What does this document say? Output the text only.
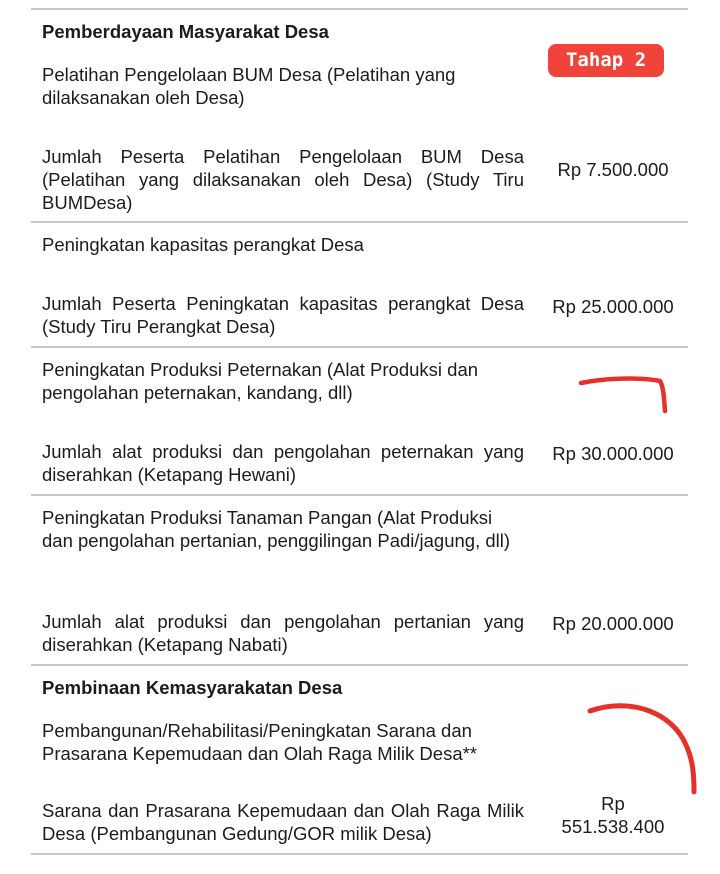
Pemberdayaan Masyarakat Desa

Pelatihan Pengelolaan BUM Desa (Pelatihan yang dilaksanakan oleh Desa)

Tahap 2

Jumlah Peserta Pelatihan Pengelolaan BUM Desa (Pelatihan yang dilaksanakan oleh Desa) (Study Tiru BUMDesa)

Rp 7.500.000

Peningkatan kapasitas perangkat Desa

Jumlah Peserta Peningkatan kapasitas perangkat Desa (Study Tiru Perangkat Desa)

Rp 25.000.000

Peningkatan Produksi Peternakan (Alat Produksi dan pengolahan peternakan, kandang, dll)

Jumlah alat produksi dan pengolahan peternakan yang diserahkan (Ketapang Hewani)

Rp 30.000.000

Peningkatan Produksi Tanaman Pangan (Alat Produksi dan pengolahan pertanian, penggilingan Padi/jagung, dll)

Jumlah alat produksi dan pengolahan pertanian yang diserahkan (Ketapang Nabati)

Rp 20.000.000

Pembinaan Kemasyarakatan Desa

Pembangunan/Rehabilitasi/Peningkatan Sarana dan Prasarana Kepemudaan dan Olah Raga Milik Desa**

Sarana dan Prasarana Kepemudaan dan Olah Raga Milik Desa (Pembangunan Gedung/GOR milik Desa)

Rp

551.538.400
